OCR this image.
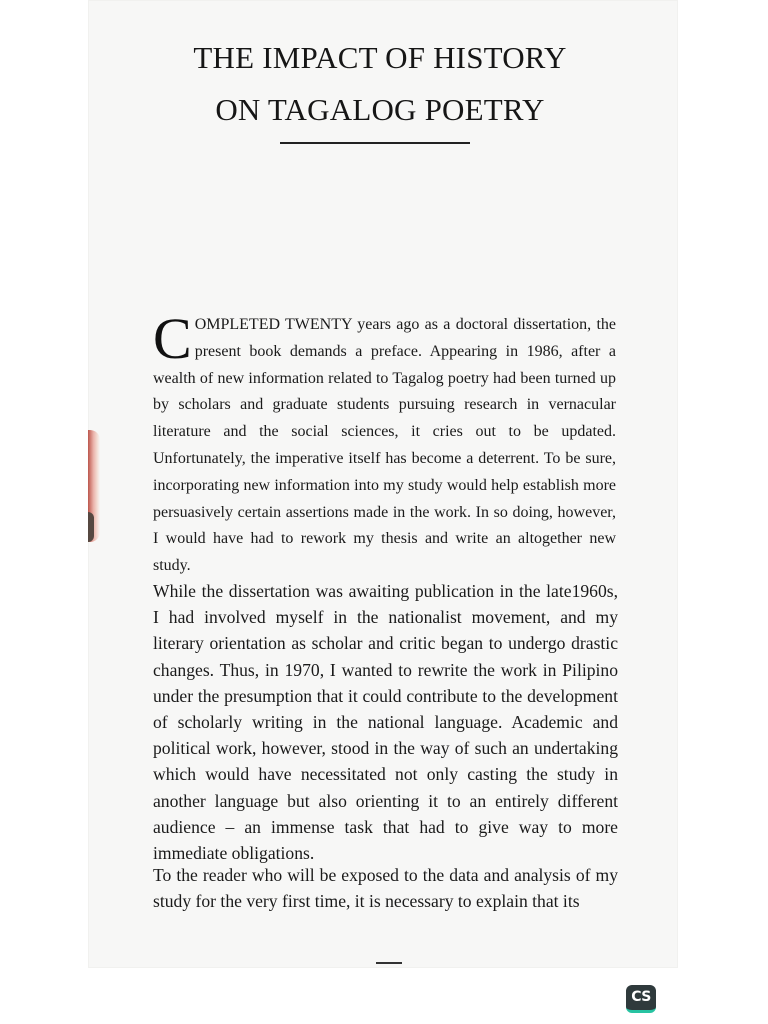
THE IMPACT OF HISTORY
ON TAGALOG POETRY

COMPLETED TWENTY years ago as a doctoral dissertation, the present book demands a preface. Appearing in 1986, after a wealth of new information related to Tagalog poetry had been turned up by scholars and graduate students pursuing research in vernacular literature and the social sciences, it cries out to be updated. Unfortunately, the imperative itself has become a deterrent. To be sure, incorporating new information into my study would help establish more persuasively certain assertions made in the work. In so doing, however, I would have had to rework my thesis and write an altogether new study.

While the dissertation was awaiting publication in the late1960s, I had involved myself in the nationalist movement, and my literary orientation as scholar and critic began to undergo drastic changes. Thus, in 1970, I wanted to rewrite the work in Pilipino under the presumption that it could contribute to the development of scholarly writing in the national language. Academic and political work, however, stood in the way of such an undertaking which would have necessitated not only casting the study in another language but also orienting it to an entirely different audience – an immense task that had to give way to more immediate obligations.

To the reader who will be exposed to the data and analysis of my study for the very first time, it is necessary to explain that its

CS
